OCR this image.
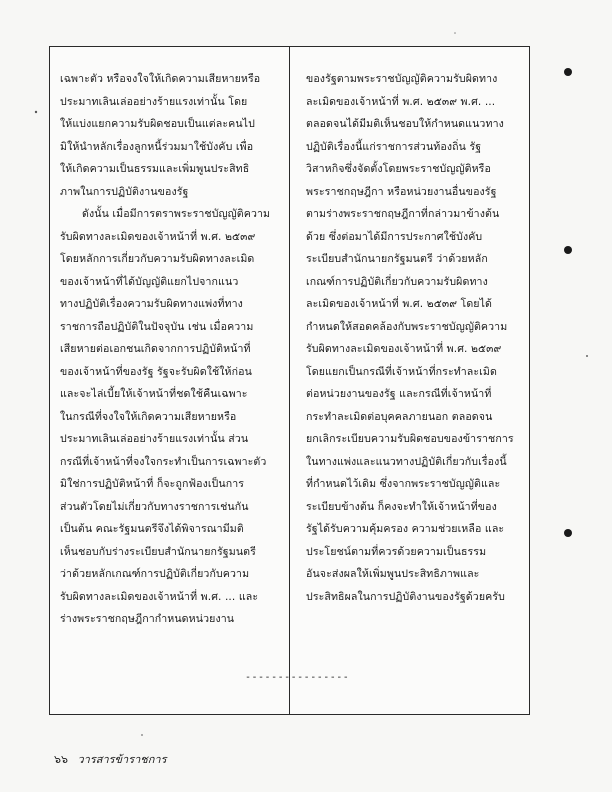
เฉพาะตัว หรือจงใจให้เกิดความเสียหายหรือ
ประมาทเลินเล่ออย่างร้ายแรงเท่านั้น โดย
ให้แบ่งแยกความรับผิดชอบเป็นแต่ละคนไป
มิให้นำหลักเรื่องลูกหนี้ร่วมมาใช้บังคับ เพื่อ
ให้เกิดความเป็นธรรมและเพิ่มพูนประสิทธิ
ภาพในการปฏิบัติงานของรัฐ
ดังนั้น เมื่อมีการตราพระราชบัญญัติความ
รับผิดทางละเมิดของเจ้าหน้าที่ พ.ศ. ๒๕๓๙
โดยหลักการเกี่ยวกับความรับผิดทางละเมิด
ของเจ้าหน้าที่ได้บัญญัติแยกไปจากแนว
ทางปฏิบัติเรื่องความรับผิดทางแพ่งที่ทาง
ราชการถือปฏิบัติในปัจจุบัน เช่น เมื่อความ
เสียหายต่อเอกชนเกิดจากการปฏิบัติหน้าที่
ของเจ้าหน้าที่ของรัฐ รัฐจะรับผิดใช้ให้ก่อน
และจะไล่เบี้ยให้เจ้าหน้าที่ชดใช้คืนเฉพาะ
ในกรณีที่จงใจให้เกิดความเสียหายหรือ
ประมาทเลินเล่ออย่างร้ายแรงเท่านั้น ส่วน
กรณีที่เจ้าหน้าที่จงใจกระทำเป็นการเฉพาะตัว
มิใช่การปฏิบัติหน้าที่ ก็จะถูกฟ้องเป็นการ
ส่วนตัวโดยไม่เกี่ยวกับทางราชการเช่นกัน
เป็นต้น คณะรัฐมนตรีจึงได้พิจารณามีมติ
เห็นชอบกับร่างระเบียบสำนักนายกรัฐมนตรี
ว่าด้วยหลักเกณฑ์การปฏิบัติเกี่ยวกับความ
รับผิดทางละเมิดของเจ้าหน้าที่ พ.ศ. ... และ
ร่างพระราชกฤษฎีกากำหนดหน่วยงาน
ของรัฐตามพระราชบัญญัติความรับผิดทาง
ละเมิดของเจ้าหน้าที่ พ.ศ. ๒๕๓๙ พ.ศ. ...
ตลอดจนได้มีมติเห็นชอบให้กำหนดแนวทาง
ปฏิบัติเรื่องนี้แก่ราชการส่วนท้องถิ่น รัฐ
วิสาหกิจซึ่งจัดตั้งโดยพระราชบัญญัติหรือ
พระราชกฤษฎีกา หรือหน่วยงานอื่นของรัฐ
ตามร่างพระราชกฤษฎีกาที่กล่าวมาข้างต้น
ด้วย ซึ่งต่อมาได้มีการประกาศใช้บังคับ
ระเบียบสำนักนายกรัฐมนตรี ว่าด้วยหลัก
เกณฑ์การปฏิบัติเกี่ยวกับความรับผิดทาง
ละเมิดของเจ้าหน้าที่ พ.ศ. ๒๕๓๙ โดยได้
กำหนดให้สอดคล้องกับพระราชบัญญัติความ
รับผิดทางละเมิดของเจ้าหน้าที่ พ.ศ. ๒๕๓๙
โดยแยกเป็นกรณีที่เจ้าหน้าที่กระทำละเมิด
ต่อหน่วยงานของรัฐ และกรณีที่เจ้าหน้าที่
กระทำละเมิดต่อบุคคลภายนอก ตลอดจน
ยกเลิกระเบียบความรับผิดชอบของข้าราชการ
ในทางแพ่งและแนวทางปฏิบัติเกี่ยวกับเรื่องนี้
ที่กำหนดไว้เดิม ซึ่งจากพระราชบัญญัติและ
ระเบียบข้างต้น ก็คงจะทำให้เจ้าหน้าที่ของ
รัฐได้รับความคุ้มครอง ความช่วยเหลือ และ
ประโยชน์ตามที่ควรด้วยความเป็นธรรม
อันจะส่งผลให้เพิ่มพูนประสิทธิภาพและ
ประสิทธิผลในการปฏิบัติงานของรัฐด้วยครับ
----------------
๖๖ วารสารข้าราชการ
